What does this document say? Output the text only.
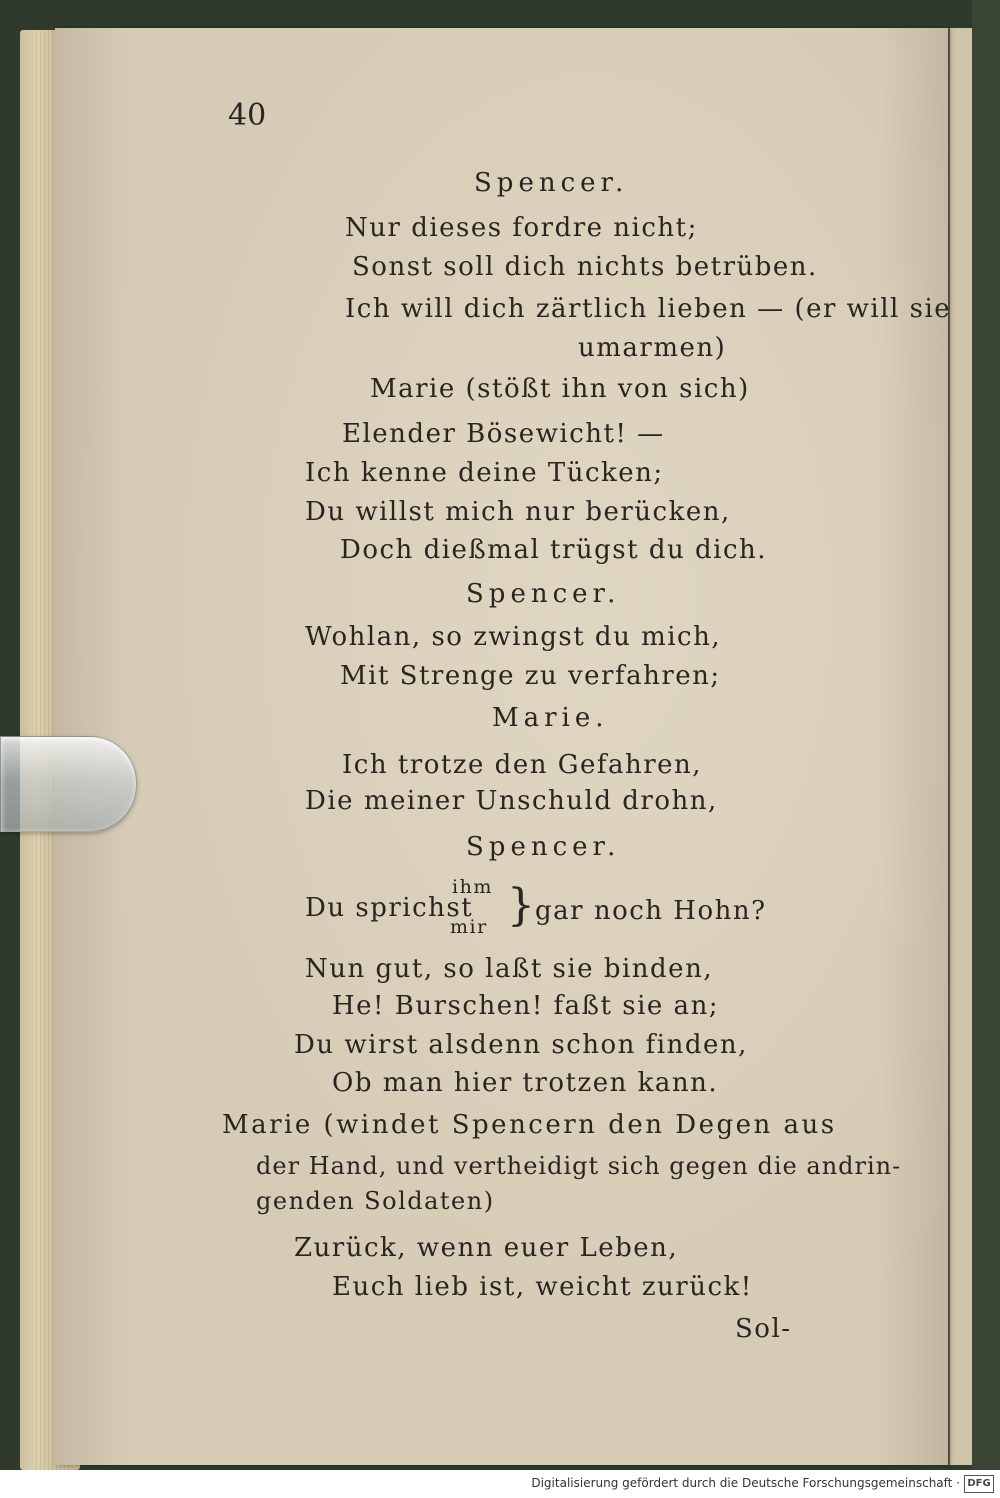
40
Spencer.
Nur dieses fordre nicht;
Sonst soll dich nichts betrüben.
Ich will dich zärtlich lieben — (er will sie
umarmen)
Marie (stößt ihn von sich)
Elender Bösewicht! —
Ich kenne deine Tücken;
Du willst mich nur berücken,
Doch dießmal trügst du dich.
Spencer.
Wohlan, so zwingst du mich,
Mit Strenge zu verfahren;
Marie.
Ich trotze den Gefahren,
Die meiner Unschuld drohn,
Spencer.
Du sprichst
ihm
mir } gar noch Hohn?
Nun gut, so laßt sie binden,
He! Burschen! faßt sie an;
Du wirst alsdenn schon finden,
Ob man hier trotzen kann.
Marie (windet Spencern den Degen aus
der Hand, und vertheidigt sich gegen die andrin-
genden Soldaten)
Zurück, wenn euer Leben,
Euch lieb ist, weicht zurück!
Sol-
Digitalisierung gefördert durch die Deutsche Forschungsgemeinschaft · DFG
